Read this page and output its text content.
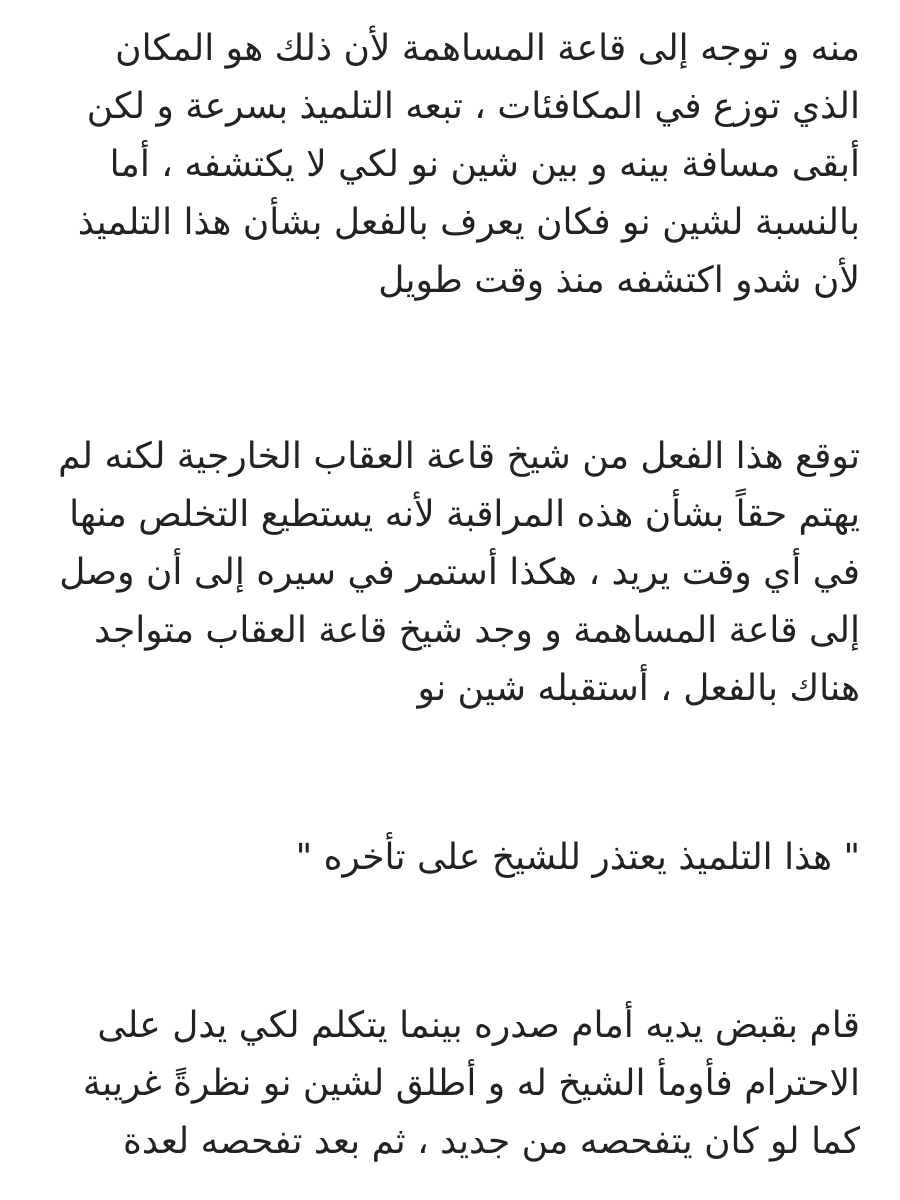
منه و توجه إلى قاعة المساهمة لأن ذلك هو المكان
الذي توزع في المكافئات ، تبعه التلميذ بسرعة و لكن
أبقى مسافة بينه و بين شين نو لكي لا يكتشفه ، أما
بالنسبة لشين نو فكان يعرف بالفعل بشأن هذا التلميذ
لأن شدو اكتشفه منذ وقت طويل

توقع هذا الفعل من شيخ قاعة العقاب الخارجية لكنه لم
يهتم حقاً بشأن هذه المراقبة لأنه يستطيع التخلص منها
في أي وقت يريد ، هكذا أستمر في سيره إلى أن وصل
إلى قاعة المساهمة و وجد شيخ قاعة العقاب متواجد
هناك بالفعل ، أستقبله شين نو

" هذا التلميذ يعتذر للشيخ على تأخره "

قام بقبض يديه أمام صدره بينما يتكلم لكي يدل على
الاحترام فأومأ الشيخ له و أطلق لشين نو نظرةً غريبة
كما لو كان يتفحصه من جديد ، ثم بعد تفحصه لعدة
